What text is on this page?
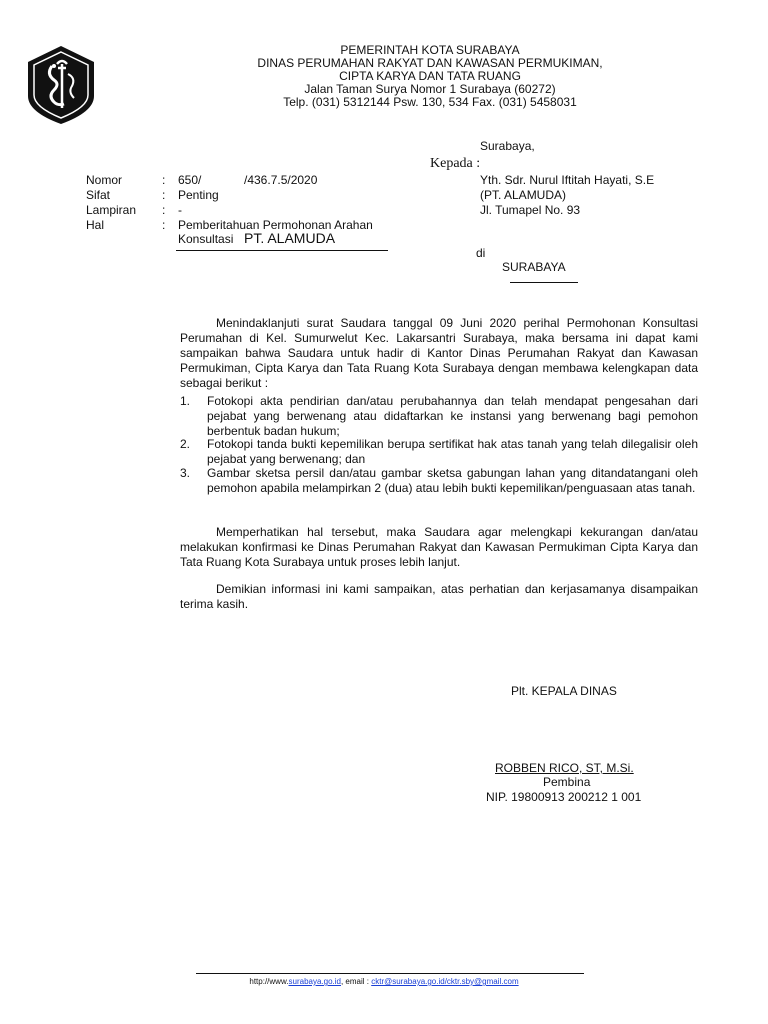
PEMERINTAH KOTA SURABAYA
DINAS PERUMAHAN RAKYAT DAN KAWASAN PERMUKIMAN,
CIPTA KARYA DAN TATA RUANG
Jalan Taman Surya Nomor 1 Surabaya (60272)
Telp. (031) 5312144 Psw. 130, 534 Fax. (031) 5458031
Surabaya,
Kepada :
Nomor	: 650/	/436.7.5/2020
Sifat	: Penting
Lampiran : -
Hal	: Pemberitahuan Permohonan Arahan
Konsultasi PT. ALAMUDA
Yth. Sdr. Nurul Iftitah Hayati, S.E
(PT. ALAMUDA)
Jl. Tumapel No. 93
di
SURABAYA
Menindaklanjuti surat Saudara tanggal 09 Juni 2020 perihal Permohonan Konsultasi Perumahan di Kel. Sumurwelut Kec. Lakarsantri Surabaya, maka bersama ini dapat kami sampaikan bahwa Saudara untuk hadir di Kantor Dinas Perumahan Rakyat dan Kawasan Permukiman, Cipta Karya dan Tata Ruang Kota Surabaya dengan membawa kelengkapan data sebagai berikut :
1. Fotokopi akta pendirian dan/atau perubahannya dan telah mendapat pengesahan dari pejabat yang berwenang atau didaftarkan ke instansi yang berwenang bagi pemohon berbentuk badan hukum;
2. Fotokopi tanda bukti kepemilikan berupa sertifikat hak atas tanah yang telah dilegalisir oleh pejabat yang berwenang; dan
3. Gambar sketsa persil dan/atau gambar sketsa gabungan lahan yang ditandatangani oleh pemohon apabila melampirkan 2 (dua) atau lebih bukti kepemilikan/penguasaan atas tanah.
Memperhatikan hal tersebut, maka Saudara agar melengkapi kekurangan dan/atau melakukan konfirmasi ke Dinas Perumahan Rakyat dan Kawasan Permukiman Cipta Karya dan Tata Ruang Kota Surabaya untuk proses lebih lanjut.
Demikian informasi ini kami sampaikan, atas perhatian dan kerjasamanya disampaikan terima kasih.
Plt. KEPALA DINAS
ROBBEN RICO, ST, M.Si.
Pembina
NIP. 19800913 200212 1 001
http://www.surabaya.go.id, email : cktr@surabaya.go.id/cktr.sby@gmail.com
